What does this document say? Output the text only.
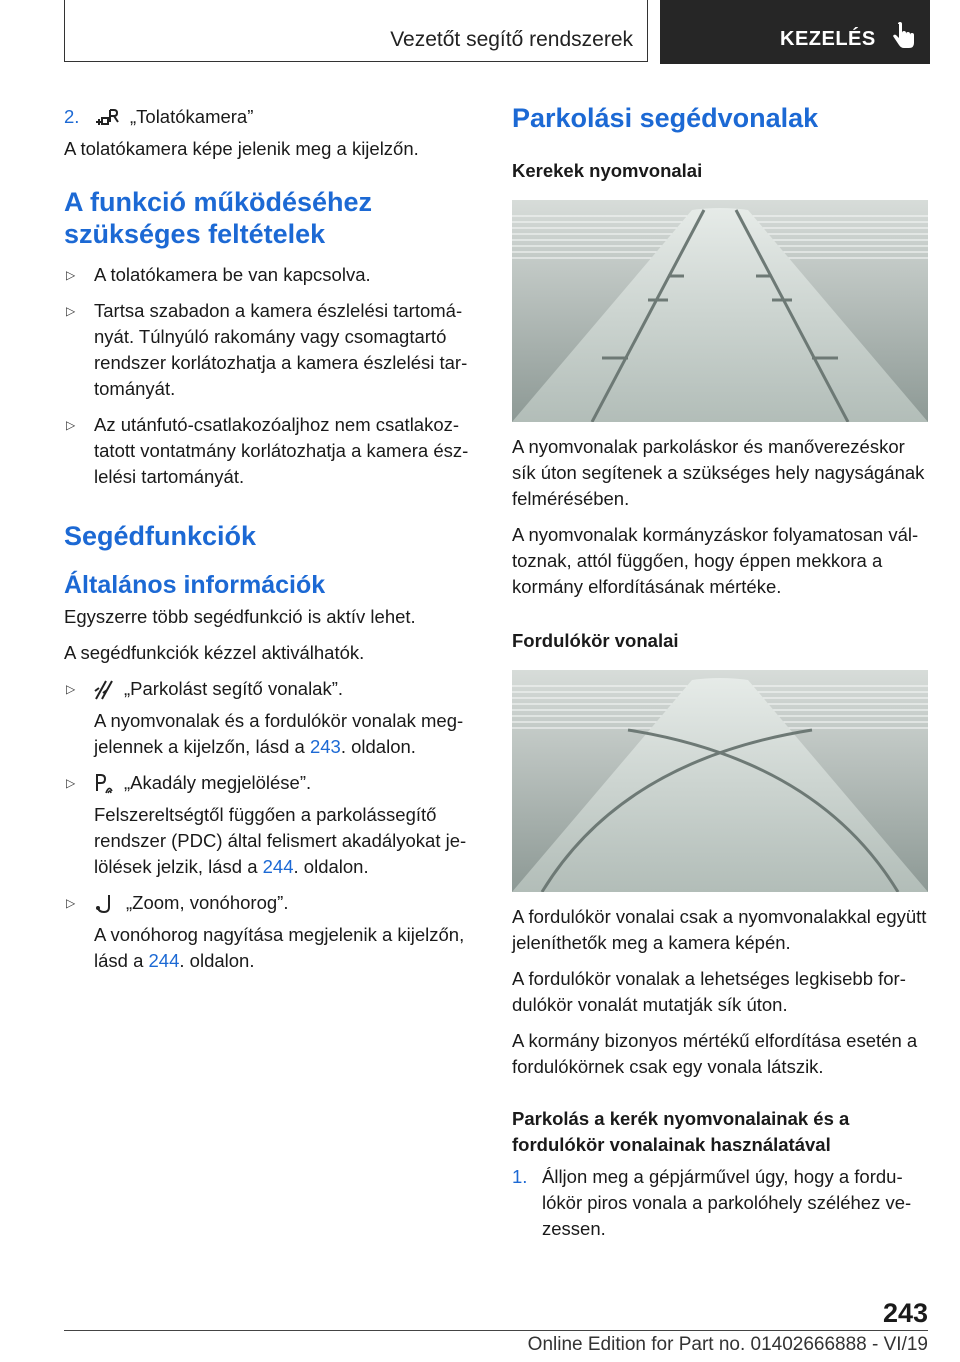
Vezetőt segítő rendszerek	KEZELÉS
2.	„Tolatókamera”

A tolatókamera képe jelenik meg a kijelzőn.

A funkció működéséhez szükséges feltételek
▷ A tolatókamera be van kapcsolva.
▷ Tartsa szabadon a kamera észlelési tartományát. Túlnyúló rakomány vagy csomagtartó rendszer korlátozhatja a kamera észlelési tartományát.
▷ Az utánfutó-csatlakozóaljhoz nem csatlakoztatott vontatmány korlátozhatja a kamera észlelési tartományát.
Segédfunkciók
Általános információk

Egyszerre több segédfunkció is aktív lehet.

A segédfunkciók kézzel aktiválhatók.

▷	„Parkolást segítő vonalak”.
A nyomvonalak és a fordulókör vonalak megjelennek a kijelzőn, lásd a 243. oldalon.
▷	„Akadály megjelölése”.
Felszereltségtől függően a parkolássegítő rendszer (PDC) által felismert akadályokat jelölések jelzik, lásd a 244. oldalon.
▷	„Zoom, vonóhorog”.
A vonóhorog nagyítása megjelenik a kijelzőn, lásd a 244. oldalon.
Parkolási segédvonalak
Kerekek nyomvonalai

A nyomvonalak parkoláskor és manőverezéskor sík úton segítenek a szükséges hely nagyságának felmérésében.

A nyomvonalak kormányzáskor folyamatosan változnak, attól függően, hogy éppen mekkora a kormány elfordításának mértéke.

Fordulókör vonalai

A fordulókör vonalai csak a nyomvonalakkal együtt jeleníthetők meg a kamera képén.

A fordulókör vonalak a lehetséges legkisebb fordulókör vonalát mutatják sík úton.

A kormány bizonyos mértékű elfordítása esetén a fordulókörnek csak egy vonala látszik.

Parkolás a kerék nyomvonalainak és a fordulókör vonalainak használatával
1. Álljon meg a gépjárművel úgy, hogy a fordulókör piros vonala a parkolóhely széléhez vezessen.
243
Online Edition for Part no. 01402666888 - VI/19
